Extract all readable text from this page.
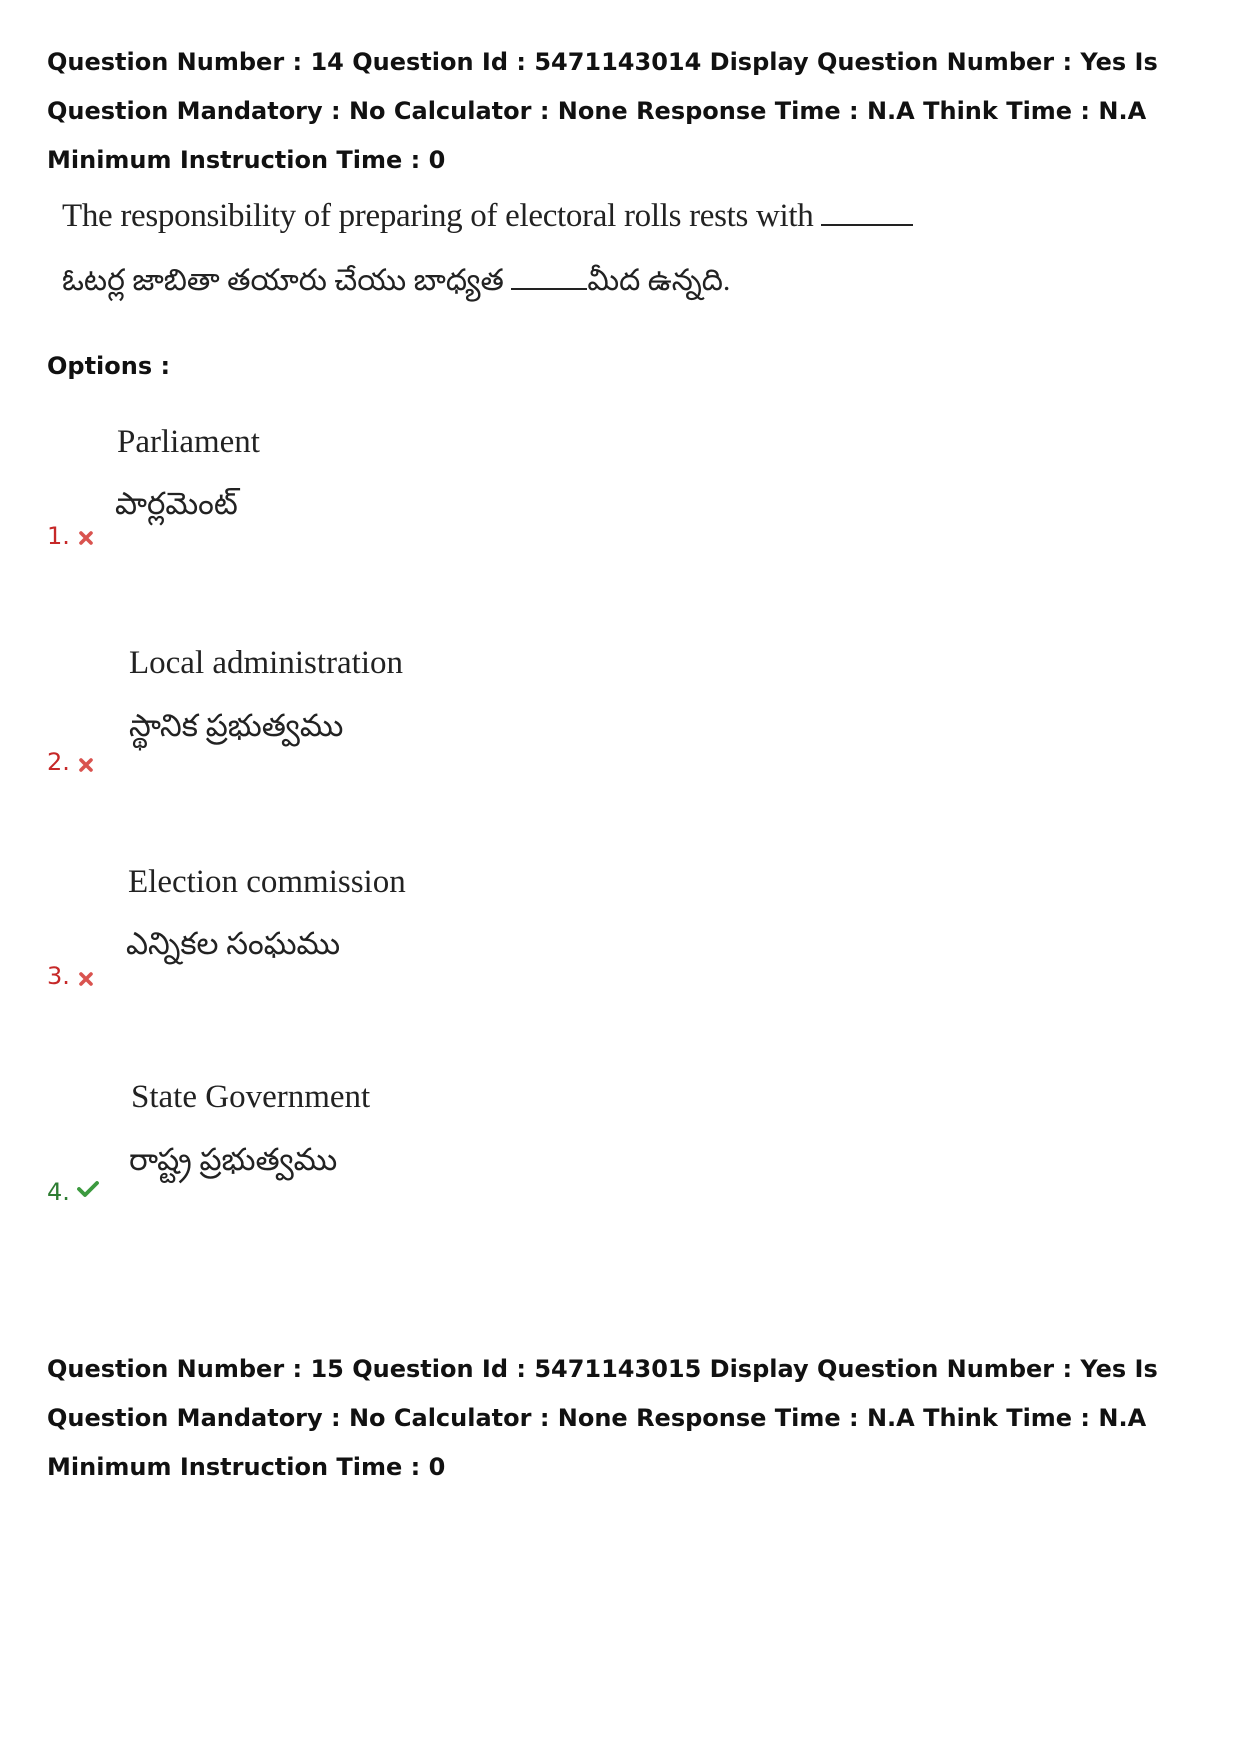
Question Number : 14 Question Id : 5471143014 Display Question Number : Yes Is Question Mandatory : No Calculator : None Response Time : N.A Think Time : N.A Minimum Instruction Time : 0
The responsibility of preparing of electoral rolls rests with
ఓటర్ల జాబితా తయారు చేయు బాధ్యత	మీద ఉన్నది.
Options :
Parliament
పార్లమెంట్
1.
Local administration
స్థానిక ప్రభుత్వము
2.
Election commission
ఎన్నికల సంఘము
3.
State Government
రాష్ట్ర ప్రభుత్వము
4.
Question Number : 15 Question Id : 5471143015 Display Question Number : Yes Is Question Mandatory : No Calculator : None Response Time : N.A Think Time : N.A Minimum Instruction Time : 0
